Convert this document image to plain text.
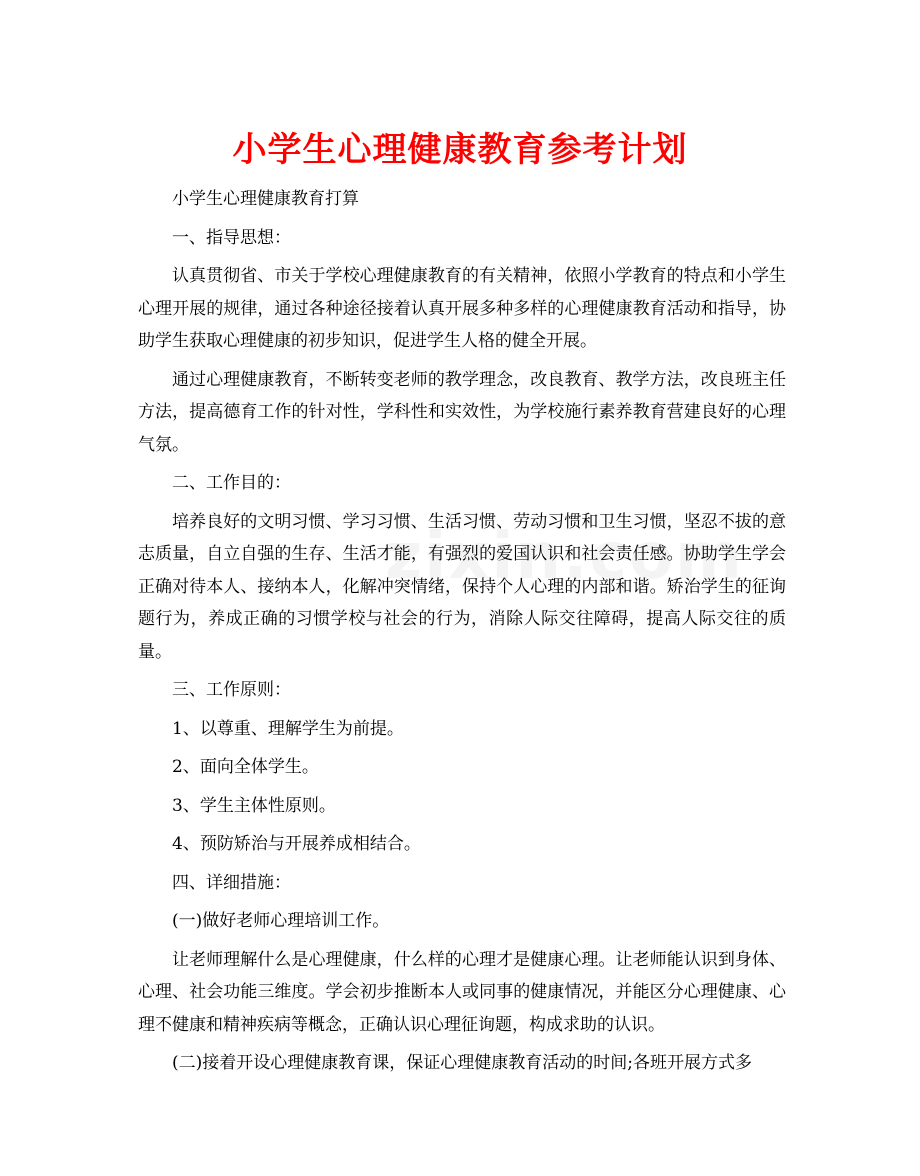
小学生心理健康教育参考计划

小学生心理健康教育打算

一、指导思想：

认真贯彻省、市关于学校心理健康教育的有关精神，依照小学教育的特点和小学生心理开展的规律，通过各种途径接着认真开展多种多样的心理健康教育活动和指导，协助学生获取心理健康的初步知识，促进学生人格的健全开展。

通过心理健康教育，不断转变老师的教学理念，改良教育、教学方法，改良班主任方法，提高德育工作的针对性，学科性和实效性，为学校施行素养教育营建良好的心理气氛。

二、工作目的：

培养良好的文明习惯、学习习惯、生活习惯、劳动习惯和卫生习惯，坚忍不拔的意志质量，自立自强的生存、生活才能，有强烈的爱国认识和社会责任感。协助学生学会正确对待本人、接纳本人，化解冲突情绪，保持个人心理的内部和谐。矫治学生的征询题行为，养成正确的习惯学校与社会的行为，消除人际交往障碍，提高人际交往的质量。

三、工作原则：

1、以尊重、理解学生为前提。

2、面向全体学生。

3、学生主体性原则。

4、预防矫治与开展养成相结合。

四、详细措施：

(一)做好老师心理培训工作。

让老师理解什么是心理健康，什么样的心理才是健康心理。让老师能认识到身体、心理、社会功能三维度。学会初步推断本人或同事的健康情况，并能区分心理健康、心理不健康和精神疾病等概念，正确认识心理征询题，构成求助的认识。

(二)接着开设心理健康教育课，保证心理健康教育活动的时间;各班开展方式多
